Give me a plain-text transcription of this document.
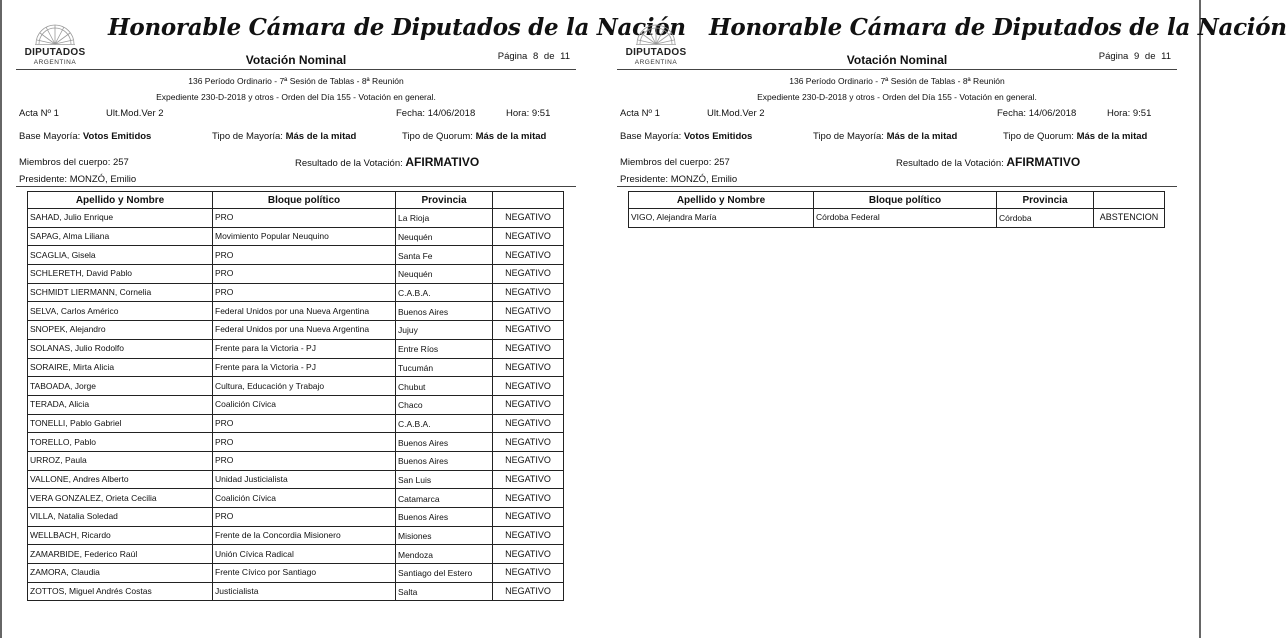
DIPUTADOS
ARGENTINA
Honorable Cámara de Diputados de la Nación
Votación Nominal	Página 8 de 11
136 Período Ordinario - 7ª Sesión de Tablas - 8ª Reunión
Expediente 230-D-2018 y otros - Orden del Día 155 - Votación en general.
Acta Nº 1	Ult.Mod.Ver 2	Fecha: 14/06/2018	Hora: 9:51
Base Mayoría: Votos Emitidos	Tipo de Mayoría: Más de la mitad	Tipo de Quorum: Más de la mitad
Miembros del cuerpo: 257	Resultado de la Votación: AFIRMATIVO
Presidente: MONZÓ, Emilio
Apellido y Nombre	Bloque político	Provincia	
SAHAD, Julio Enrique	PRO	La Rioja	NEGATIVO
SAPAG, Alma Liliana	Movimiento Popular Neuquino	Neuquén	NEGATIVO
SCAGLIA, Gisela	PRO	Santa Fe	NEGATIVO
SCHLERETH, David Pablo	PRO	Neuquén	NEGATIVO
SCHMIDT LIERMANN, Cornelia	PRO	C.A.B.A.	NEGATIVO
SELVA, Carlos Américo	Federal Unidos por una Nueva Argentina	Buenos Aires	NEGATIVO
SNOPEK, Alejandro	Federal Unidos por una Nueva Argentina	Jujuy	NEGATIVO
SOLANAS, Julio Rodolfo	Frente para la Victoria - PJ	Entre Ríos	NEGATIVO
SORAIRE, Mirta Alicia	Frente para la Victoria - PJ	Tucumán	NEGATIVO
TABOADA, Jorge	Cultura, Educación y Trabajo	Chubut	NEGATIVO
TERADA, Alicia	Coalición Cívica	Chaco	NEGATIVO
TONELLI, Pablo Gabriel	PRO	C.A.B.A.	NEGATIVO
TORELLO, Pablo	PRO	Buenos Aires	NEGATIVO
URROZ, Paula	PRO	Buenos Aires	NEGATIVO
VALLONE, Andres Alberto	Unidad Justicialista	San Luis	NEGATIVO
VERA GONZALEZ, Orieta Cecilia	Coalición Cívica	Catamarca	NEGATIVO
VILLA, Natalia Soledad	PRO	Buenos Aires	NEGATIVO
WELLBACH, Ricardo	Frente de la Concordia Misionero	Misiones	NEGATIVO
ZAMARBIDE, Federico Raúl	Unión Cívica Radical	Mendoza	NEGATIVO
ZAMORA, Claudia	Frente Cívico por Santiago	Santiago del Estero	NEGATIVO
ZOTTOS, Miguel Andrés Costas	Justicialista	Salta	NEGATIVO
DIPUTADOS
ARGENTINA
Honorable Cámara de Diputados de la Nación
Votación Nominal	Página 9 de 11
136 Período Ordinario - 7ª Sesión de Tablas - 8ª Reunión
Expediente 230-D-2018 y otros - Orden del Día 155 - Votación en general.
Acta Nº 1	Ult.Mod.Ver 2	Fecha: 14/06/2018	Hora: 9:51
Base Mayoría: Votos Emitidos	Tipo de Mayoría: Más de la mitad	Tipo de Quorum: Más de la mitad
Miembros del cuerpo: 257	Resultado de la Votación: AFIRMATIVO
Presidente: MONZÓ, Emilio
Apellido y Nombre	Bloque político	Provincia	
VIGO, Alejandra María	Córdoba Federal	Córdoba	ABSTENCION
